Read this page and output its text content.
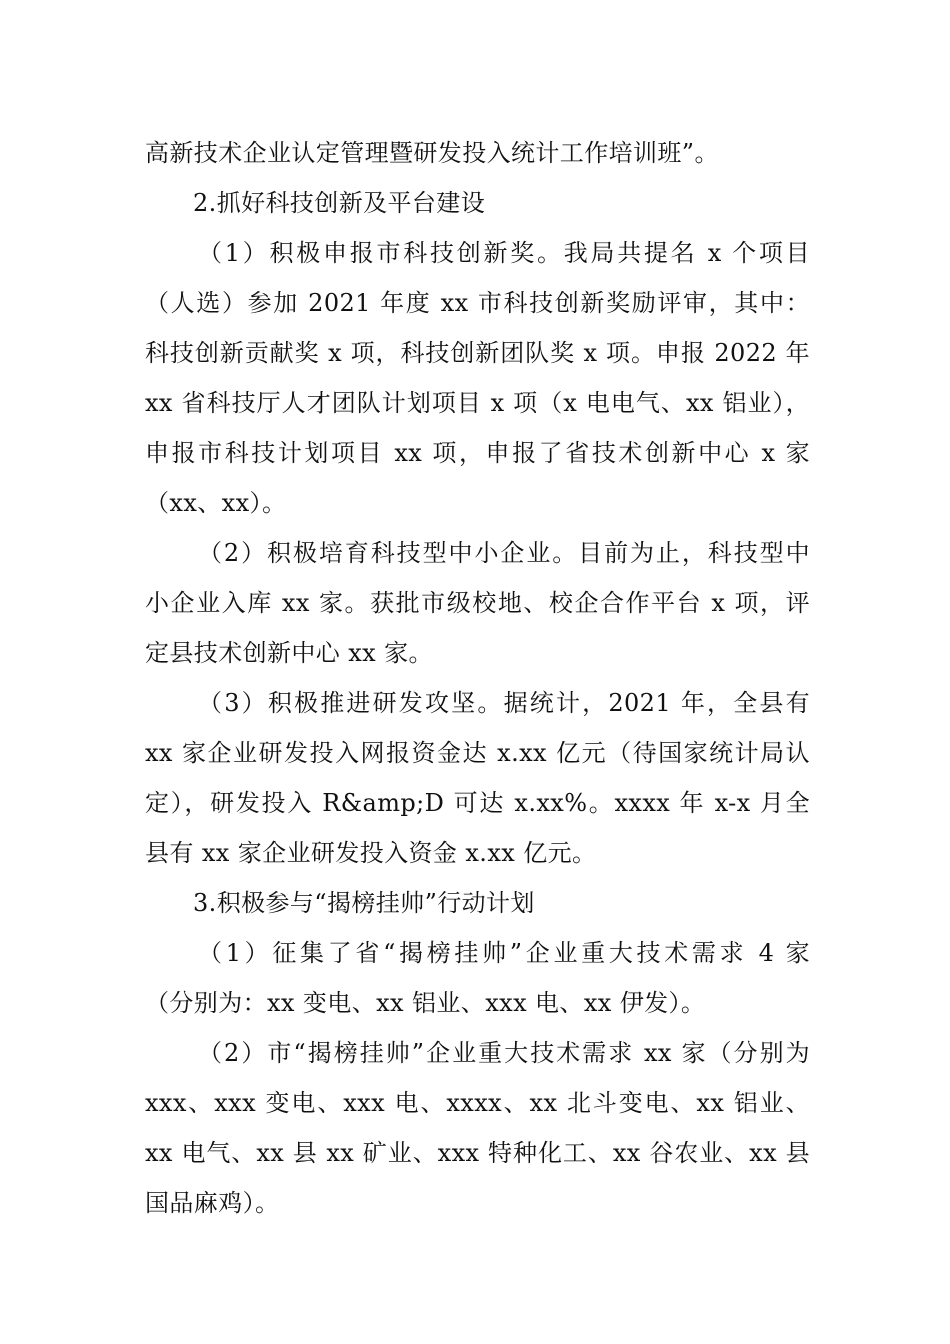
高新技术企业认定管理暨研发投入统计工作培训班”。
2.抓好科技创新及平台建设
（1）积极申报市科技创新奖。我局共提名 x 个项目
（人选）参加 2021 年度 xx 市科技创新奖励评审，其中：
科技创新贡献奖 x 项，科技创新团队奖 x 项。申报 2022 年
xx 省科技厅人才团队计划项目 x 项（x 电电气、xx 铝业），
申报市科技计划项目 xx 项，申报了省技术创新中心 x 家
（xx、xx）。
（2）积极培育科技型中小企业。目前为止，科技型中
小企业入库 xx 家。获批市级校地、校企合作平台 x 项，评
定县技术创新中心 xx 家。
（3）积极推进研发攻坚。据统计，2021 年，全县有
xx 家企业研发投入网报资金达 x.xx 亿元（待国家统计局认
定），研发投入 R&amp;D 可达 x.xx%。xxxx 年 x-x 月全
县有 xx 家企业研发投入资金 x.xx 亿元。
3.积极参与“揭榜挂帅”行动计划
（1）征集了省“揭榜挂帅”企业重大技术需求 4 家
（分别为：xx 变电、xx 铝业、xxx 电、xx 伊发）。
（2）市“揭榜挂帅”企业重大技术需求 xx 家（分别为
xxx、xxx 变电、xxx 电、xxxx、xx 北斗变电、xx 铝业、
xx 电气、xx 县 xx 矿业、xxx 特种化工、xx 谷农业、xx 县
国品麻鸡）。
